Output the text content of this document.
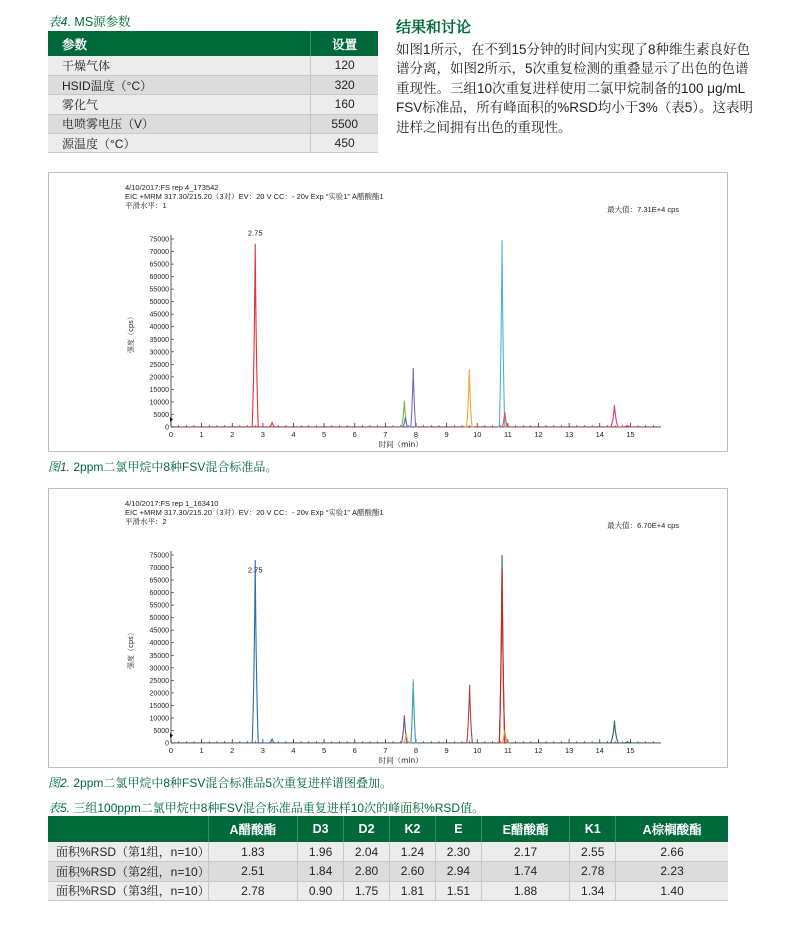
表4. MS源参数
参数	设置
干燥气体	120
HSID温度（°C）	320
雾化气	160
电喷雾电压（V）	5500
源温度（°C）	450
结果和讨论
如图1所示，在不到15分钟的时间内实现了8种维生素良好色谱分离，如图2所示，5次重复检测的重叠显示了出色的色谱重现性。三组10次重复进样使用二氯甲烷制备的100 μg/mL FSV标准品，所有峰面积的%RSD均小于3%（表5）。这表明进样之间拥有出色的重现性。
4/10/2017:FS rep 4_173542
EIC +MRM 317.30/215.20（3对）EV：20 V CC：- 20v Exp “实验1” A醋酸酯1
平滑水平：1	最大值：7.31E+4 cps
0
5000
10000
15000
20000
25000
30000
35000
40000
45000
50000
55000
60000
65000
70000
75000
0	1	2	3	4	5	6	7	8	9	10	11	12	13	14	15
时间（min）
强度（cps）
2.75
图1. 2ppm二氯甲烷中8种FSV混合标准品。
4/10/2017:FS rep 1_163410
EIC +MRM 317.30/215.20（3对）EV：20 V CC：- 20v Exp “实验1” A醋酸酯1
平滑水平：2	最大值：6.70E+4 cps
0
5000
10000
15000
20000
25000
30000
35000
40000
45000
50000
55000
60000
65000
70000
75000
0	1	2	3	4	5	6	7	8	9	10	11	12	13	14	15
时间（min）
强度（cps）
2.75
图2. 2ppm二氯甲烷中8种FSV混合标准品5次重复进样谱图叠加。
表5. 三组100ppm二氯甲烷中8种FSV混合标准品重复进样10次的峰面积%RSD值。
	A醋酸酯	D3	D2	K2	E	E醋酸酯	K1	A棕榈酸酯
面积%RSD（第1组，n=10）	1.83	1.96	2.04	1.24	2.30	2.17	2.55	2.66
面积%RSD（第2组，n=10）	2.51	1.84	2.80	2.60	2.94	1.74	2.78	2.23
面积%RSD（第3组，n=10）	2.78	0.90	1.75	1.81	1.51	1.88	1.34	1.40
